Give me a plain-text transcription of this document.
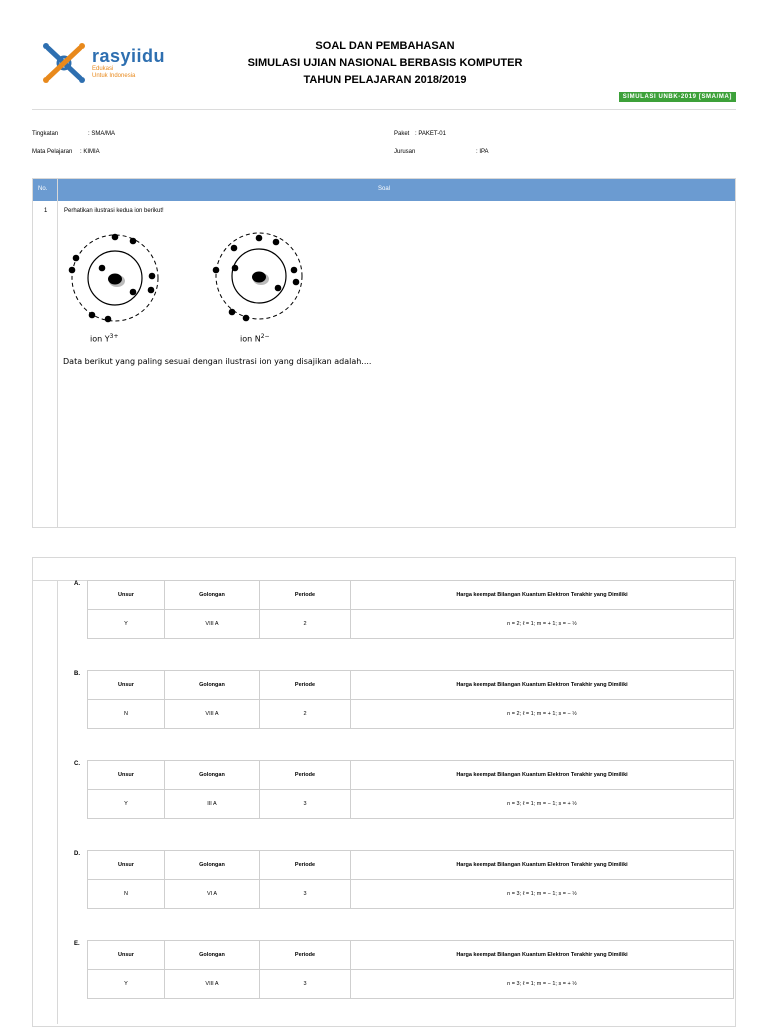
rasyiidu
Edukasi
Untuk Indonesia
SOAL DAN PEMBAHASAN
SIMULASI UJIAN NASIONAL BERBASIS KOMPUTER
TAHUN PELAJARAN 2018/2019
SIMULASI UNBK-2019 [SMA/MA]
Tingkatan	: SMA/MA
Mata Pelajaran : KIMIA
Paket : PAKET-01
Jurusan	: IPA
No.	Soal
1	Perhatikan ilustrasi kedua ion berikut!
ion $Y^{3+}$	ion $N^{2-}$
Data berikut yang paling sesuai dengan ilustrasi ion yang disajikan adalah....
A.
Unsur	Golongan	Periode	Harga keempat Bilangan Kuantum Elektron Terakhir yang Dimiliki
Y	VIII A	2	n = 2; ℓ = 1; m = + 1; s = − ½
B.
Unsur	Golongan	Periode	Harga keempat Bilangan Kuantum Elektron Terakhir yang Dimiliki
N	VIII A	2	n = 2; ℓ = 1; m = + 1; s = − ½
C.
Unsur	Golongan	Periode	Harga keempat Bilangan Kuantum Elektron Terakhir yang Dimiliki
Y	III A	3	n = 3; ℓ = 1; m = − 1; s = + ½
D.
Unsur	Golongan	Periode	Harga keempat Bilangan Kuantum Elektron Terakhir yang Dimiliki
N	VI A	3	n = 3; ℓ = 1; m = − 1; s = − ½
E.
Unsur	Golongan	Periode	Harga keempat Bilangan Kuantum Elektron Terakhir yang Dimiliki
Y	VIII A	3	n = 3; ℓ = 1; m = − 1; s = + ½
